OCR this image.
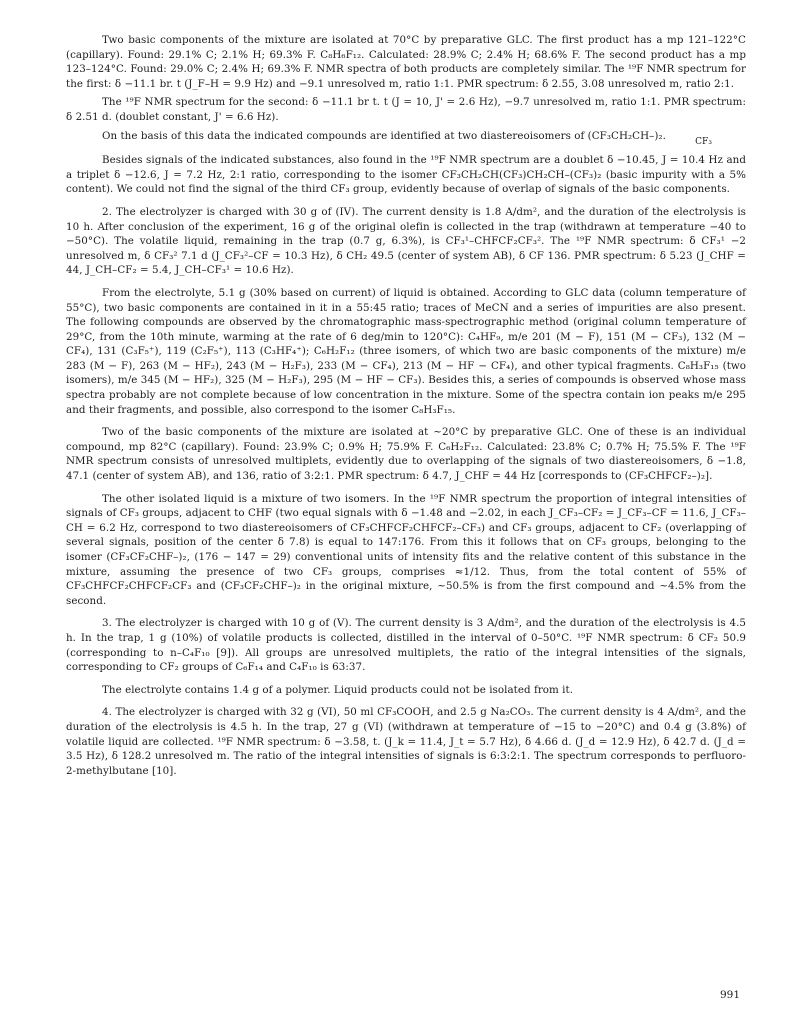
Two basic components of the mixture are isolated at 70°C by preparative GLC. The first product has a mp 121–122°C (capillary). Found: 29.1% C; 2.1% H; 69.3% F. C₈H₆F₁₂. Calculated: 28.9% C; 2.4% H; 68.6% F. The second product has a mp 123–124°C. Found: 29.0% C; 2.4% H; 69.3% F. NMR spectra of both products are completely similar. The ¹⁹F NMR spectrum for the first: δ −11.1 br. t (J_F–H = 9.9 Hz) and −9.1 unresolved m, ratio 1:1. PMR spectrum: δ 2.55, 3.08 unresolved m, ratio 2:1.

The ¹⁹F NMR spectrum for the second: δ −11.1 br t. t (J = 10, J' = 2.6 Hz), −9.7 unresolved m, ratio 1:1. PMR spectrum: δ 2.51 d. (doublet constant, J' = 6.6 Hz).

On the basis of this data the indicated compounds are identified at two diastereoisomers of (CF₃CH₂CH–)₂.

CF₃

Besides signals of the indicated substances, also found in the ¹⁹F NMR spectrum are a doublet δ −10.45, J = 10.4 Hz and a triplet δ −12.6, J = 7.2 Hz, 2:1 ratio, corresponding to the isomer CF₃CH₂CH(CF₃)CH₂CH–(CF₃)₂ (basic impurity with a 5% content). We could not find the signal of the third CF₃ group, evidently because of overlap of signals of the basic components.

2. The electrolyzer is charged with 30 g of (IV). The current density is 1.8 A/dm², and the duration of the electrolysis is 10 h. After conclusion of the experiment, 16 g of the original olefin is collected in the trap (withdrawn at temperature −40 to −50°C). The volatile liquid, remaining in the trap (0.7 g, 6.3%), is CF₃¹–CHFCF₂CF₃². The ¹⁹F NMR spectrum: δ CF₃¹ −2 unresolved m, δ CF₃² 7.1 d (J_CF₃²–CF = 10.3 Hz), δ CH₂ 49.5 (center of system AB), δ CF 136. PMR spectrum: δ 5.23 (J_CHF = 44, J_CH–CF₂ = 5.4, J_CH–CF₃¹ = 10.6 Hz).

From the electrolyte, 5.1 g (30% based on current) of liquid is obtained. According to GLC data (column temperature of 55°C), two basic components are contained in it in a 55:45 ratio; traces of MeCN and a series of impurities are also present. The following compounds are observed by the chromatographic mass-spectrographic method (original column temperature of 29°C, from the 10th minute, warming at the rate of 6 deg/min to 120°C): C₄HF₉, m/e 201 (M − F), 151 (M − CF₃), 132 (M − CF₄), 131 (C₃F₅⁺), 119 (C₂F₅⁺), 113 (C₃HF₄⁺); C₆H₂F₁₂ (three isomers, of which two are basic components of the mixture) m/e 283 (M − F), 263 (M − HF₂), 243 (M − H₂F₃), 233 (M − CF₄), 213 (M − HF − CF₄), and other typical fragments. C₈H₃F₁₅ (two isomers), m/e 345 (M − HF₂), 325 (M − H₂F₃), 295 (M − HF − CF₃). Besides this, a series of compounds is observed whose mass spectra probably are not complete because of low concentration in the mixture. Some of the spectra contain ion peaks m/e 295 and their fragments, and possible, also correspond to the isomer C₈H₃F₁₅.

Two of the basic components of the mixture are isolated at ~20°C by preparative GLC. One of these is an individual compound, mp 82°C (capillary). Found: 23.9% C; 0.9% H; 75.9% F. C₆H₂F₁₂. Calculated: 23.8% C; 0.7% H; 75.5% F. The ¹⁹F NMR spectrum consists of unresolved multiplets, evidently due to overlapping of the signals of two diastereoisomers, δ −1.8, 47.1 (center of system AB), and 136, ratio of 3:2:1. PMR spectrum: δ 4.7, J_CHF = 44 Hz [corresponds to (CF₃CHFCF₂–)₂].

The other isolated liquid is a mixture of two isomers. In the ¹⁹F NMR spectrum the proportion of integral intensities of signals of CF₃ groups, adjacent to CHF (two equal signals with δ −1.48 and −2.02, in each J_CF₃–CF₂ = J_CF₃–CF = 11.6, J_CF₃–CH = 6.2 Hz, correspond to two diastereoisomers of CF₃CHFCF₂CHFCF₂–CF₃) and CF₃ groups, adjacent to CF₂ (overlapping of several signals, position of the center δ 7.8) is equal to 147:176. From this it follows that on CF₃ groups, belonging to the isomer (CF₃CF₂CHF–)₂, (176 − 147 = 29) conventional units of intensity fits and the relative content of this substance in the mixture, assuming the presence of two CF₃ groups, comprises ≈1/12. Thus, from the total content of 55% of CF₃CHFCF₂CHFCF₂CF₃ and (CF₃CF₂CHF–)₂ in the original mixture, ~50.5% is from the first compound and ~4.5% from the second.

3. The electrolyzer is charged with 10 g of (V). The current density is 3 A/dm², and the duration of the electrolysis is 4.5 h. In the trap, 1 g (10%) of volatile products is collected, distilled in the interval of 0–50°C. ¹⁹F NMR spectrum: δ CF₂ 50.9 (corresponding to n–C₄F₁₀ [9]). All groups are unresolved multiplets, the ratio of the integral intensities of the signals, corresponding to CF₂ groups of C₆F₁₄ and C₄F₁₀ is 63:37.

The electrolyte contains 1.4 g of a polymer. Liquid products could not be isolated from it.

4. The electrolyzer is charged with 32 g (VI), 50 ml CF₃COOH, and 2.5 g Na₂CO₃. The current density is 4 A/dm², and the duration of the electrolysis is 4.5 h. In the trap, 27 g (VI) (withdrawn at temperature of −15 to −20°C) and 0.4 g (3.8%) of volatile liquid are collected. ¹⁹F NMR spectrum: δ −3.58, t. (J_k = 11.4, J_t = 5.7 Hz), δ 4.66 d. (J_d = 12.9 Hz), δ 42.7 d. (J_d = 3.5 Hz), δ 128.2 unresolved m. The ratio of the integral intensities of signals is 6:3:2:1. The spectrum corresponds to perfluoro-2-methylbutane [10].

991
